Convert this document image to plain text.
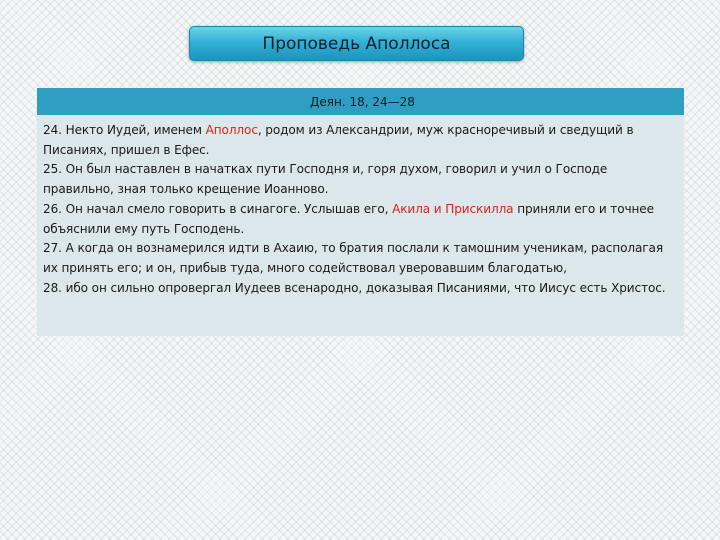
Проповедь Аполлоса
Деян. 18, 24—28

24. Некто Иудей, именем Аполлос, родом из Александрии, муж красноречивый и сведущий в Писаниях, пришел в Ефес.

25. Он был наставлен в начатках пути Господня и, горя духом, говорил и учил о Господе правильно, зная только крещение Иоанново.

26. Он начал смело говорить в синагоге. Услышав его, Акила и Прискилла приняли его и точнее объяснили ему путь Господень.

27. А когда он вознамерился идти в Ахаию, то братия послали к тамошним ученикам, располагая их принять его; и он, прибыв туда, много содействовал уверовавшим благодатью,

28. ибо он сильно опровергал Иудеев всенародно, доказывая Писаниями, что Иисус есть Христос.
